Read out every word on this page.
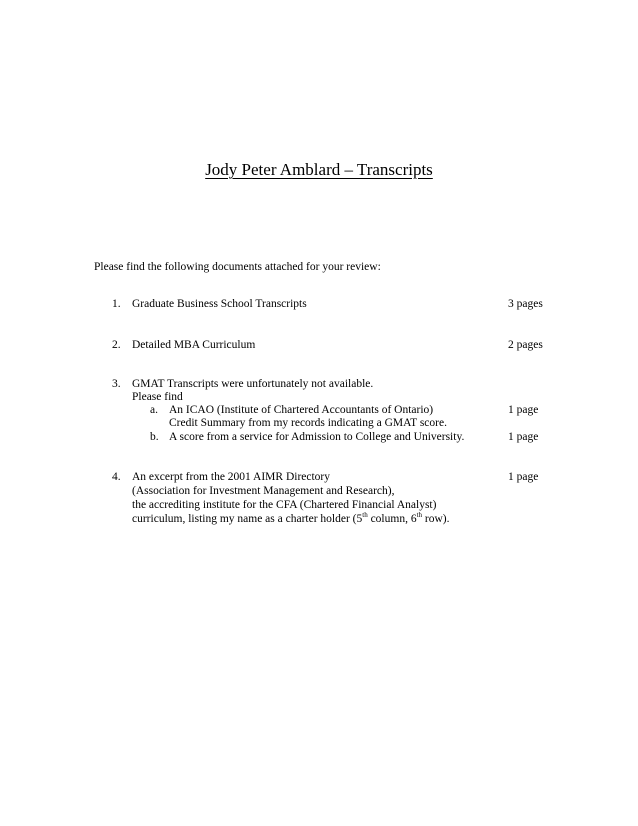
Jody Peter Amblard – Transcripts
Please find the following documents attached for your review:
1. Graduate Business School Transcripts	3 pages
2. Detailed MBA Curriculum	2 pages
3. GMAT Transcripts were unfortunately not available.
Please find
a. An ICAO (Institute of Chartered Accountants of Ontario)	1 page
Credit Summary from my records indicating a GMAT score.
b. A score from a service for Admission to College and University.	1 page
4. An excerpt from the 2001 AIMR Directory	1 page
(Association for Investment Management and Research),
the accrediting institute for the CFA (Chartered Financial Analyst)
curriculum, listing my name as a charter holder (5th column, 6th row).
